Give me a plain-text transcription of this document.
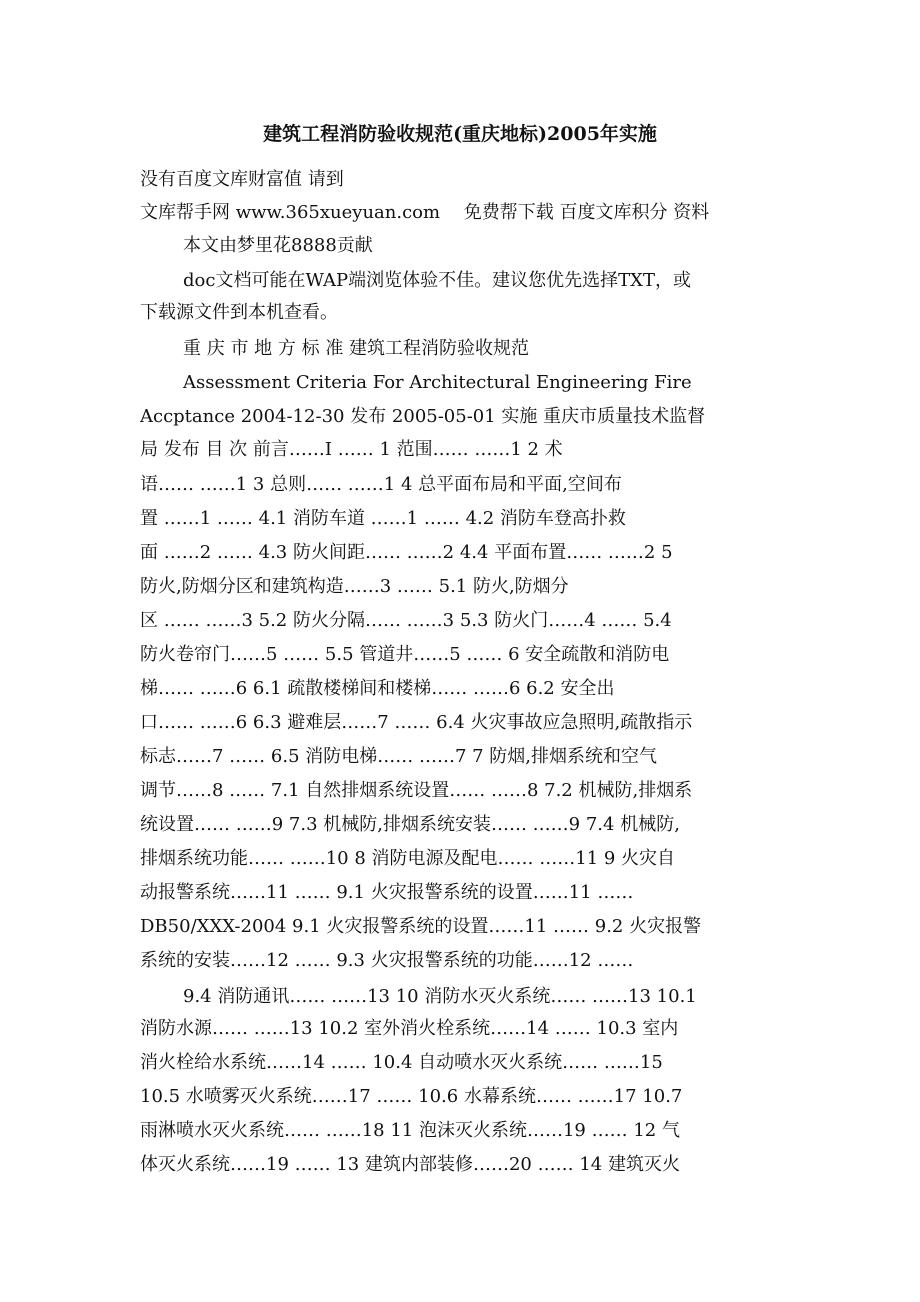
建筑工程消防验收规范(重庆地标)2005年实施
没有百度文库财富值 请到
文库帮手网 www.365xueyuan.com　 免费帮下载 百度文库积分 资料
本文由梦里花8888贡献
doc文档可能在WAP端浏览体验不佳。建议您优先选择TXT，或
下载源文件到本机查看。
重 庆 市 地 方 标 准 建筑工程消防验收规范
Assessment Criteria For Architectural Engineering Fire
Accptance 2004-12-30 发布 2005-05-01 实施 重庆市质量技术监督
局 发布 目 次 前言……I …… 1 范围…… ……1 2 术
语…… ……1 3 总则…… ……1 4 总平面布局和平面,空间布
置 ……1 …… 4.1 消防车道 ……1 …… 4.2 消防车登高扑救
面 ……2 …… 4.3 防火间距…… ……2 4.4 平面布置…… ……2 5
防火,防烟分区和建筑构造……3 …… 5.1 防火,防烟分
区 …… ……3 5.2 防火分隔…… ……3 5.3 防火门……4 …… 5.4
防火卷帘门……5 …… 5.5 管道井……5 …… 6 安全疏散和消防电
梯…… ……6 6.1 疏散楼梯间和楼梯…… ……6 6.2 安全出
口…… ……6 6.3 避难层……7 …… 6.4 火灾事故应急照明,疏散指示
标志……7 …… 6.5 消防电梯…… ……7 7 防烟,排烟系统和空气
调节……8 …… 7.1 自然排烟系统设置…… ……8 7.2 机械防,排烟系
统设置…… ……9 7.3 机械防,排烟系统安装…… ……9 7.4 机械防,
排烟系统功能…… ……10 8 消防电源及配电…… ……11 9 火灾自
动报警系统……11 …… 9.1 火灾报警系统的设置……11 ……
DB50/XXX-2004 9.1 火灾报警系统的设置……11 …… 9.2 火灾报警
系统的安装……12 …… 9.3 火灾报警系统的功能……12 ……
9.4 消防通讯…… ……13 10 消防水灭火系统…… ……13 10.1
消防水源…… ……13 10.2 室外消火栓系统……14 …… 10.3 室内
消火栓给水系统……14 …… 10.4 自动喷水灭火系统…… ……15
10.5 水喷雾灭火系统……17 …… 10.6 水幕系统…… ……17 10.7
雨淋喷水灭火系统…… ……18 11 泡沫灭火系统……19 …… 12 气
体灭火系统……19 …… 13 建筑内部装修……20 …… 14 建筑灭火
